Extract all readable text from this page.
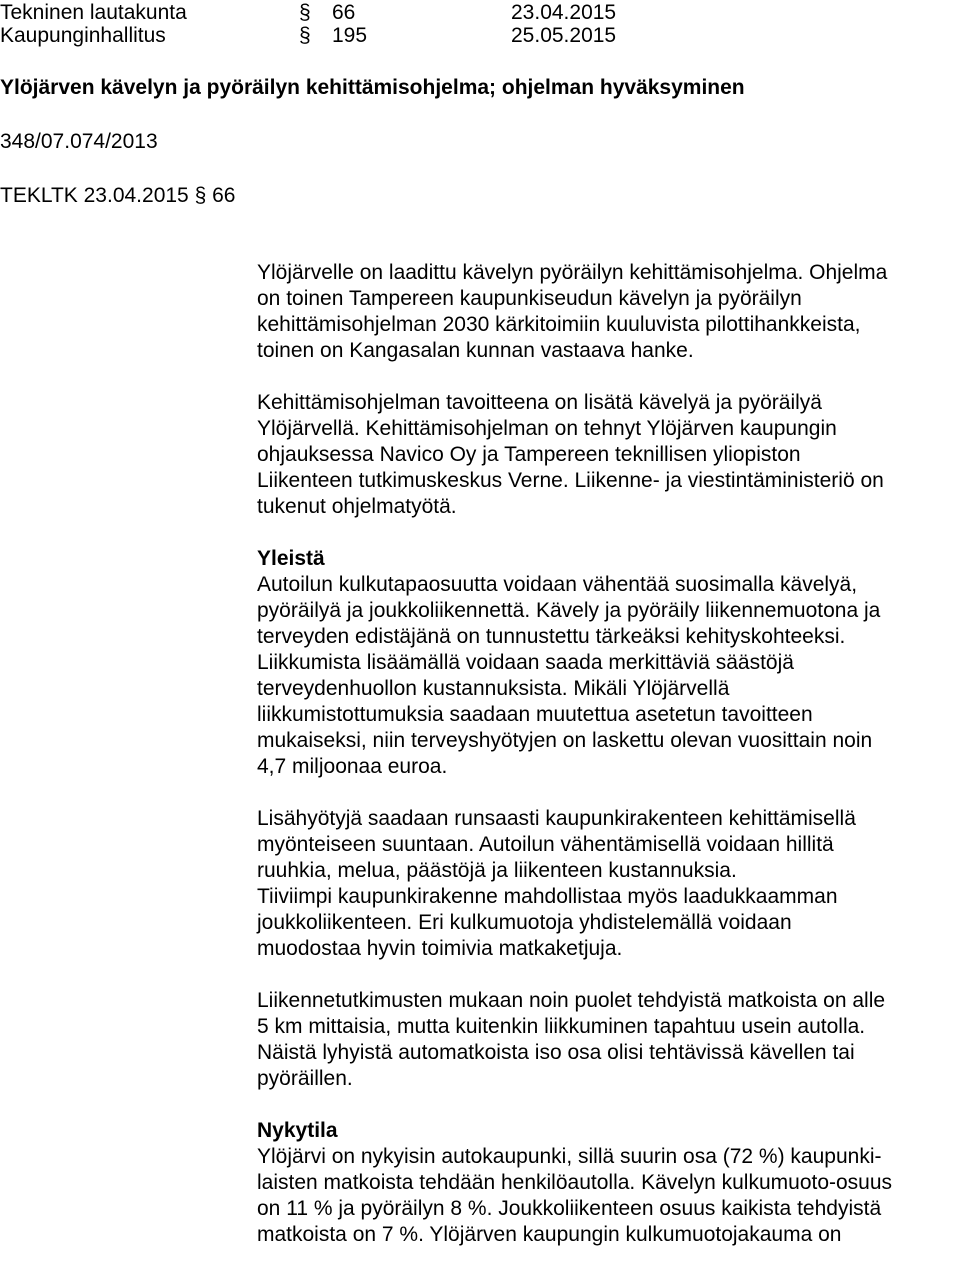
Tekninen lautakunta	§ 66	23.04.2015
Kaupunginhallitus	§ 195	25.05.2015
Ylöjärven kävelyn ja pyöräilyn kehittämisohjelma; ohjelman hyväksyminen
348/07.074/2013
TEKLTK 23.04.2015 § 66

Ylöjärvelle on laadittu kävelyn pyöräilyn kehittämisohjelma. Ohjelma
on toinen Tampereen kaupunkiseudun kävelyn ja pyöräilyn
kehittämisohjelman 2030 kärkitoimiin kuuluvista pilottihankkeista,
toinen on Kangasalan kunnan vastaava hanke.

Kehittämisohjelman tavoitteena on lisätä kävelyä ja pyöräilyä
Ylöjärvellä. Kehittämisohjelman on tehnyt Ylöjärven kaupungin
ohjauksessa Navico Oy ja Tampereen teknillisen yliopiston
Liikenteen tutkimuskeskus Verne. Liikenne- ja viestintäministeriö on
tukenut ohjelmatyötä.

Yleistä

Autoilun kulkutapaosuutta voidaan vähentää suosimalla kävelyä,
pyöräilyä ja joukkoliikennettä. Kävely ja pyöräily liikennemuotona ja
terveyden edistäjänä on tunnustettu tärkeäksi kehityskohteeksi.
Liikkumista lisäämällä voidaan saada merkittäviä säästöjä
terveydenhuollon kustannuksista. Mikäli Ylöjärvellä
liikkumistottumuksia saadaan muutettua asetetun tavoitteen
mukaiseksi, niin terveyshyötyjen on laskettu olevan vuosittain noin
4,7 miljoonaa euroa.

Lisähyötyjä saadaan runsaasti kaupunkirakenteen kehittämisellä
myönteiseen suuntaan. Autoilun vähentämisellä voidaan hillitä
ruuhkia, melua, päästöjä ja liikenteen kustannuksia.
Tiiviimpi kaupunkirakenne mahdollistaa myös laadukkaamman
joukkoliikenteen. Eri kulkumuotoja yhdistelemällä voidaan
muodostaa hyvin toimivia matkaketjuja.

Liikennetutkimusten mukaan noin puolet tehdyistä matkoista on alle
5 km mittaisia, mutta kuitenkin liikkuminen tapahtuu usein autolla.
Näistä lyhyistä automatkoista iso osa olisi tehtävissä kävellen tai
pyöräillen.

Nykytila

Ylöjärvi on nykyisin autokaupunki, sillä suurin osa (72 %) kaupunki-
laisten matkoista tehdään henkilöautolla. Kävelyn kulkumuoto-osuus
on 11 % ja pyöräilyn 8 %. Joukkoliikenteen osuus kaikista tehdyistä
matkoista on 7 %. Ylöjärven kaupungin kulkumuotojakauma on
